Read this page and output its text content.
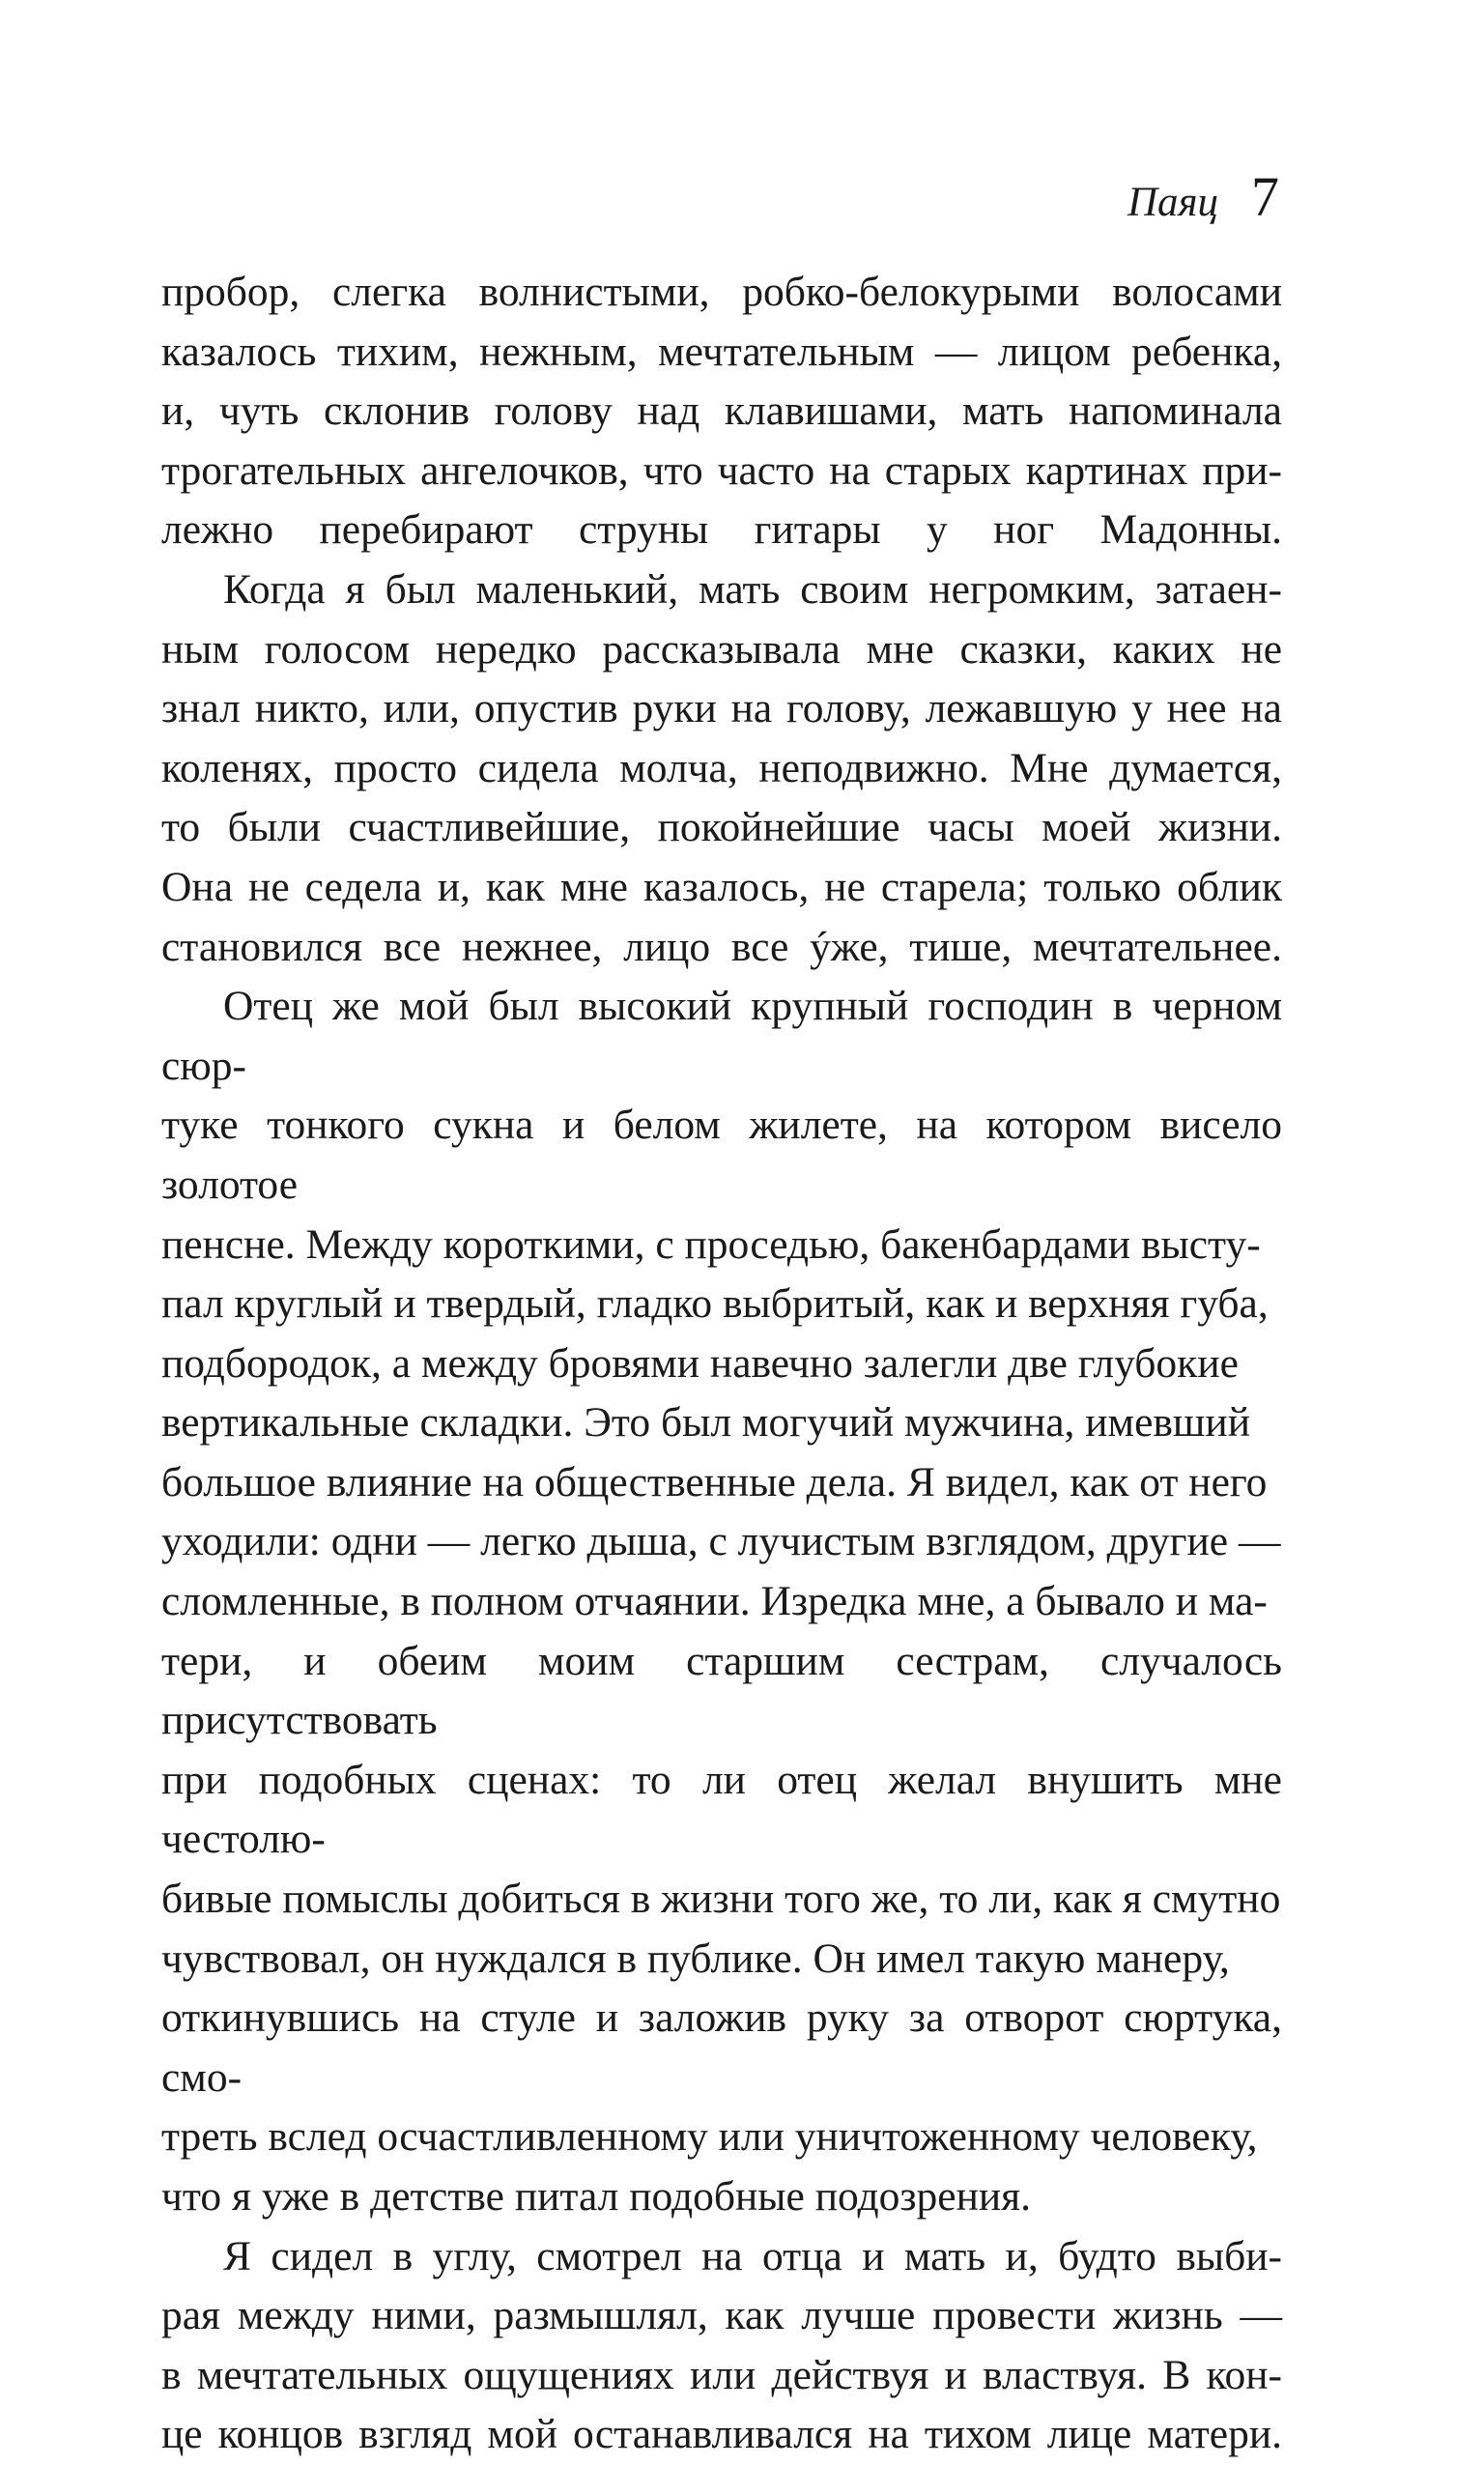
Паяц 7

пробор, слегка волнистыми, робко-белокурыми волосами
казалось тихим, нежным, мечтательным — лицом ребенка,
и, чуть склонив голову над клавишами, мать напоминала
трогательных ангелочков, что часто на старых картинах при-
лежно перебирают струны гитары у ног Мадонны.

Когда я был маленький, мать своим негромким, затаен-
ным голосом нередко рассказывала мне сказки, каких не
знал никто, или, опустив руки на голову, лежавшую у нее на
коленях, просто сидела молча, неподвижно. Мне думается,
то были счастливейшие, покойнейшие часы моей жизни.
Она не седела и, как мне казалось, не старела; только облик
становился все нежнее, лицо все ýже, тише, мечтательнее.

Отец же мой был высокий крупный господин в черном сюр-
туке тонкого сукна и белом жилете, на котором висело золотое
пенсне. Между короткими, с проседью, бакенбардами высту-
пал круглый и твердый, гладко выбритый, как и верхняя губа,
подбородок, а между бровями навечно залегли две глубокие
вертикальные складки. Это был могучий мужчина, имевший
большое влияние на общественные дела. Я видел, как от него
уходили: одни — легко дыша, с лучистым взглядом, другие —
сломленные, в полном отчаянии. Изредка мне, а бывало и ма-
тери, и обеим моим старшим сестрам, случалось присутствовать
при подобных сценах: то ли отец желал внушить мне честолю-
бивые помыслы добиться в жизни того же, то ли, как я смутно
чувствовал, он нуждался в публике. Он имел такую манеру,
откинувшись на стуле и заложив руку за отворот сюртука, смо-
треть вслед осчастливленному или уничтоженному человеку,
что я уже в детстве питал подобные подозрения.

Я сидел в углу, смотрел на отца и мать и, будто выби-
рая между ними, размышлял, как лучше провести жизнь —
в мечтательных ощущениях или действуя и властвуя. В кон-
це концов взгляд мой останавливался на тихом лице матери.
